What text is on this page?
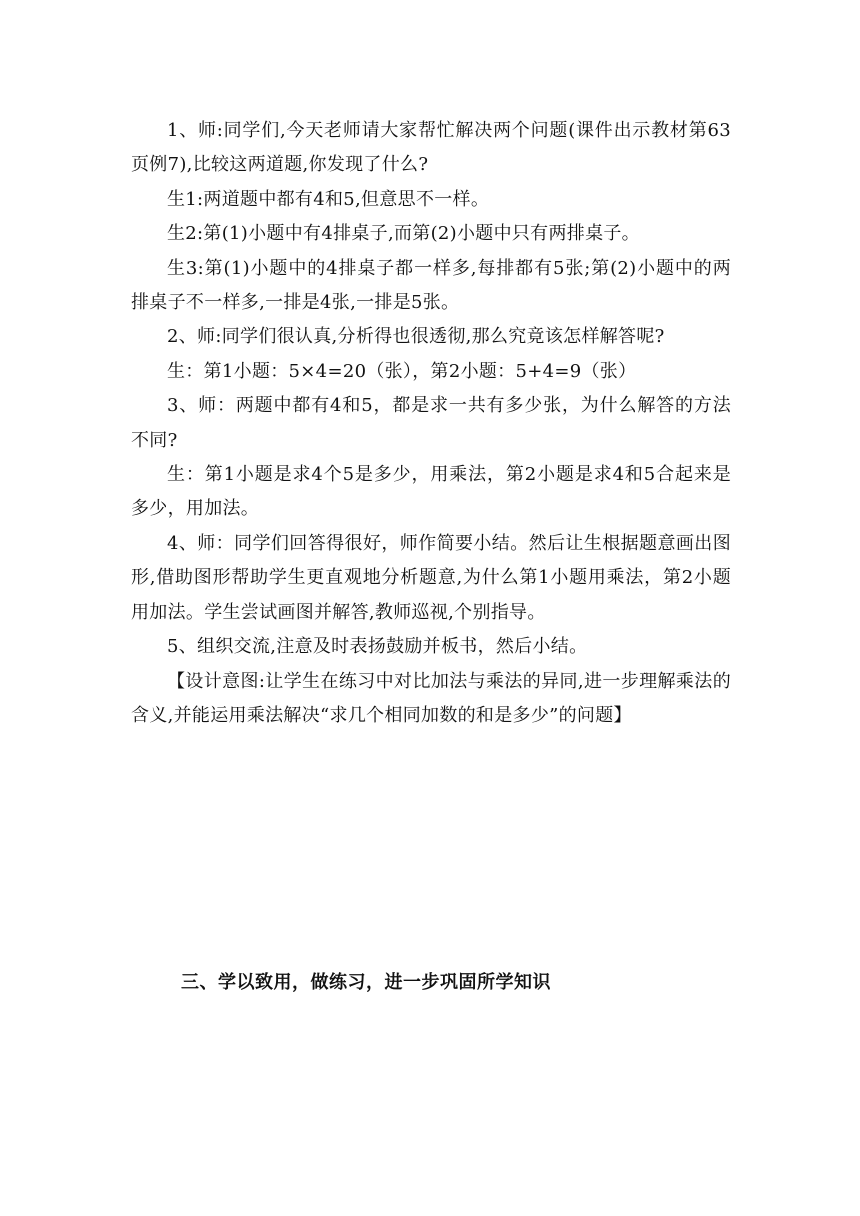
1、师:同学们,今天老师请大家帮忙解决两个问题(课件出示教材第63页例7),比较这两道题,你发现了什么?

生1:两道题中都有4和5,但意思不一样。

生2:第(1)小题中有4排桌子,而第(2)小题中只有两排桌子。

生3:第(1)小题中的4排桌子都一样多,每排都有5张;第(2)小题中的两排桌子不一样多,一排是4张,一排是5张。

2、师:同学们很认真,分析得也很透彻,那么究竟该怎样解答呢?

生：第1小题：5×4=20（张），第2小题：5+4=9（张）

3、师：两题中都有4和5，都是求一共有多少张，为什么解答的方法不同?

生：第1小题是求4个5是多少，用乘法，第2小题是求4和5合起来是多少，用加法。

4、师：同学们回答得很好，师作简要小结。然后让生根据题意画出图形,借助图形帮助学生更直观地分析题意,为什么第1小题用乘法，第2小题用加法。学生尝试画图并解答,教师巡视,个别指导。

5、组织交流,注意及时表扬鼓励并板书，然后小结。

【设计意图:让学生在练习中对比加法与乘法的异同,进一步理解乘法的含义,并能运用乘法解决“求几个相同加数的和是多少”的问题】

三、学以致用，做练习，进一步巩固所学知识
